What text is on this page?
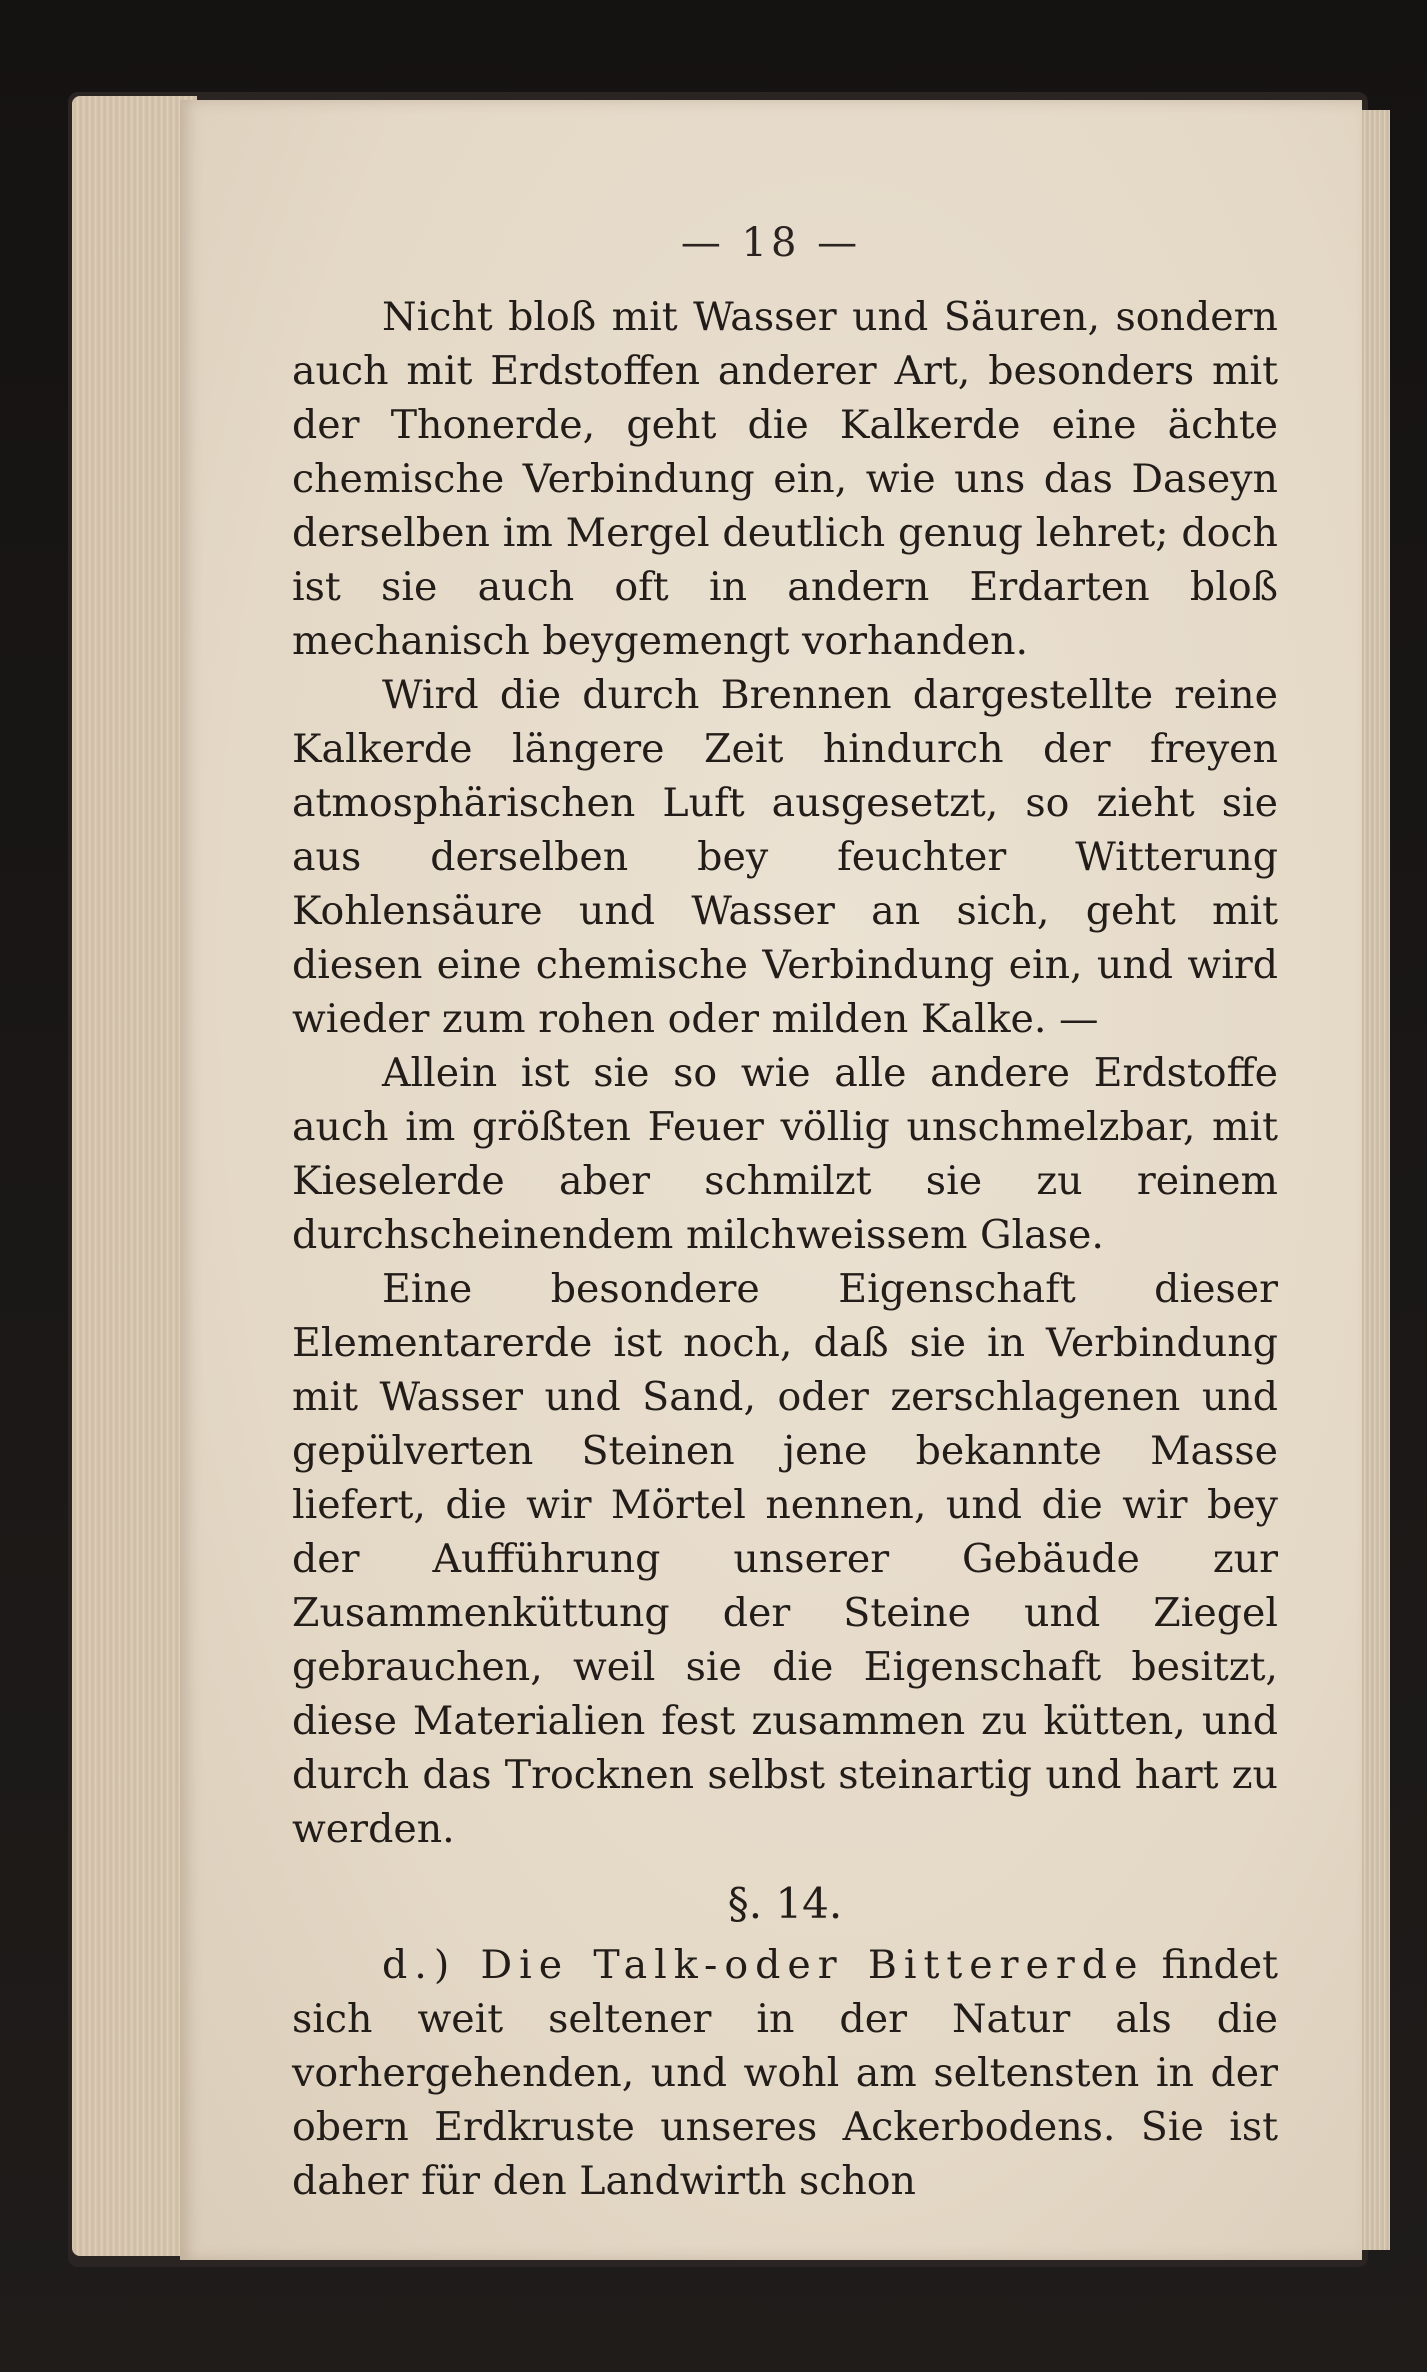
— 18 —

Nicht bloß mit Wasser und Säuren, sondern auch mit Erdstoffen anderer Art, besonders mit der Thonerde, geht die Kalkerde eine ächte chemische Verbindung ein, wie uns das Daseyn derselben im Mergel deutlich genug lehret; doch ist sie auch oft in andern Erdarten bloß mechanisch beygemengt vorhanden.

Wird die durch Brennen dargestellte reine Kalkerde längere Zeit hindurch der freyen atmosphärischen Luft ausgesetzt, so zieht sie aus derselben bey feuchter Witterung Kohlensäure und Wasser an sich, geht mit diesen eine chemische Verbindung ein, und wird wieder zum rohen oder milden Kalke. —

Allein ist sie so wie alle andere Erdstoffe auch im größten Feuer völlig unschmelzbar, mit Kieselerde aber schmilzt sie zu reinem durchscheinendem milchweissem Glase.

Eine besondere Eigenschaft dieser Elementarerde ist noch, daß sie in Verbindung mit Wasser und Sand, oder zerschlagenen und gepülverten Steinen jene bekannte Masse liefert, die wir Mörtel nennen, und die wir bey der Aufführung unserer Gebäude zur Zusammenküttung der Steine und Ziegel gebrauchen, weil sie die Eigenschaft besitzt, diese Materialien fest zusammen zu kütten, und durch das Trocknen selbst steinartig und hart zu werden.

§. 14.

d.) Die Talk-oder Bittererde findet sich weit seltener in der Natur als die vorhergehenden, und wohl am seltensten in der obern Erdkruste unseres Ackerbodens. Sie ist daher für den Landwirth schon
